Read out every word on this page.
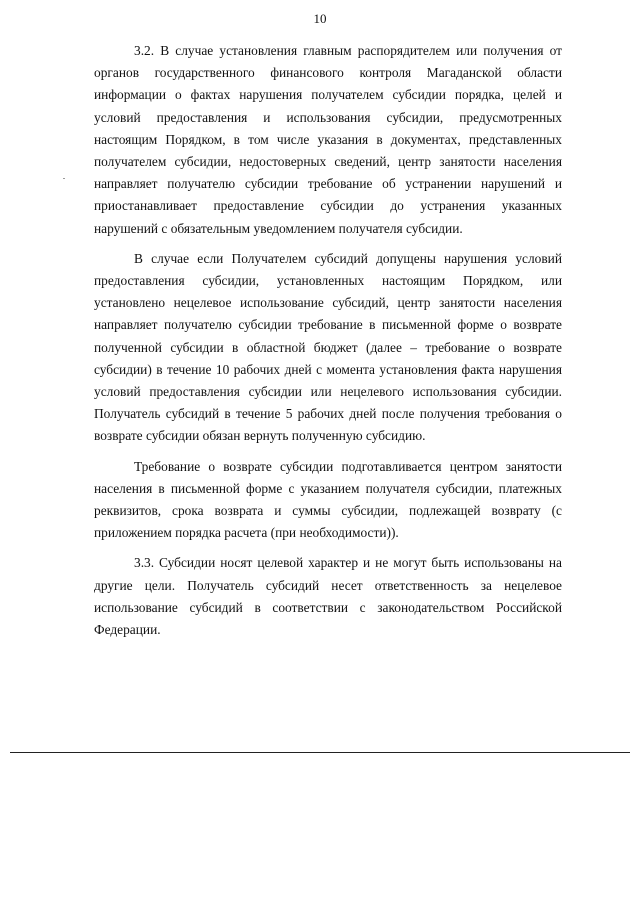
10

3.2. В случае установления главным распорядителем или получения от органов государственного финансового контроля Магаданской области информации о фактах нарушения получателем субсидии порядка, целей и условий предоставления и использования субсидии, предусмотренных настоящим Порядком, в том числе указания в документах, представленных получателем субсидии, недостоверных сведений, центр занятости населения направляет получателю субсидии требование об устранении нарушений и приостанавливает предоставление субсидии до устранения указанных нарушений с обязательным уведомлением получателя субсидии.

В случае если Получателем субсидий допущены нарушения условий предоставления субсидии, установленных настоящим Порядком, или установлено нецелевое использование субсидий, центр занятости населения направляет получателю субсидии требование в письменной форме о возврате полученной субсидии в областной бюджет (далее – требование о возврате субсидии) в течение 10 рабочих дней с момента установления факта нарушения условий предоставления субсидии или нецелевого использования субсидии. Получатель субсидий в течение 5 рабочих дней после получения требования о возврате субсидии обязан вернуть полученную субсидию.

Требование о возврате субсидии подготавливается центром занятости населения в письменной форме с указанием получателя субсидии, платежных реквизитов, срока возврата и суммы субсидии, подлежащей возврату (с приложением порядка расчета (при необходимости)).

3.3. Субсидии носят целевой характер и не могут быть использованы на другие цели. Получатель субсидий несет ответственность за нецелевое использование субсидий в соответствии с законодательством Российской Федерации.
